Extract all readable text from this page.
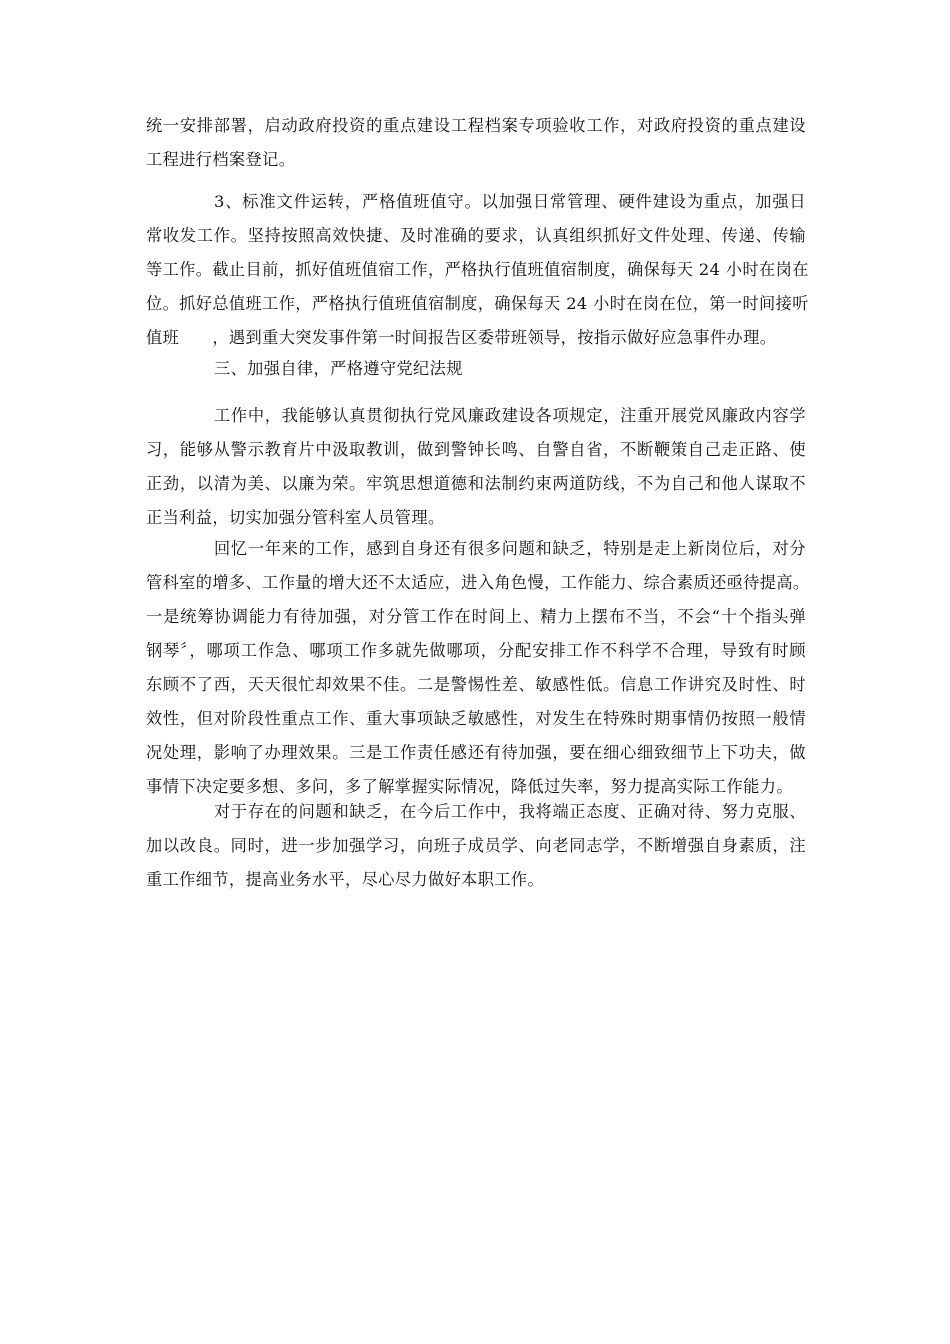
统一安排部署，启动政府投资的重点建设工程档案专项验收工作，对政府投资的重点建设
工程进行档案登记。
3、标准文件运转，严格值班值守。以加强日常管理、硬件建设为重点，加强日
常收发工作。坚持按照高效快捷、及时准确的要求，认真组织抓好文件处理、传递、传输
等工作。截止目前，抓好值班值宿工作，严格执行值班值宿制度，确保每天 24 小时在岗在
位。抓好总值班工作，严格执行值班值宿制度，确保每天 24 小时在岗在位，第一时间接听
值班　　，遇到重大突发事件第一时间报告区委带班领导，按指示做好应急事件办理。
三、加强自律，严格遵守党纪法规
工作中，我能够认真贯彻执行党风廉政建设各项规定，注重开展党风廉政内容学
习，能够从警示教育片中汲取教训，做到警钟长鸣、自警自省，不断鞭策自己走正路、使
正劲，以清为美、以廉为荣。牢筑思想道德和法制约束两道防线，不为自己和他人谋取不
正当利益，切实加强分管科室人员管理。
回忆一年来的工作，感到自身还有很多问题和缺乏，特别是走上新岗位后，对分
管科室的增多、工作量的增大还不太适应，进入角色慢，工作能力、综合素质还亟待提高。
一是统筹协调能力有待加强，对分管工作在时间上、精力上摆布不当，不会“十个指头弹
钢琴〞，哪项工作急、哪项工作多就先做哪项，分配安排工作不科学不合理，导致有时顾
东顾不了西，天天很忙却效果不佳。二是警惕性差、敏感性低。信息工作讲究及时性、时
效性，但对阶段性重点工作、重大事项缺乏敏感性，对发生在特殊时期事情仍按照一般情
况处理，影响了办理效果。三是工作责任感还有待加强，要在细心细致细节上下功夫，做
事情下决定要多想、多问，多了解掌握实际情况，降低过失率，努力提高实际工作能力。
对于存在的问题和缺乏，在今后工作中，我将端正态度、正确对待、努力克服、
加以改良。同时，进一步加强学习，向班子成员学、向老同志学，不断增强自身素质，注
重工作细节，提高业务水平，尽心尽力做好本职工作。
